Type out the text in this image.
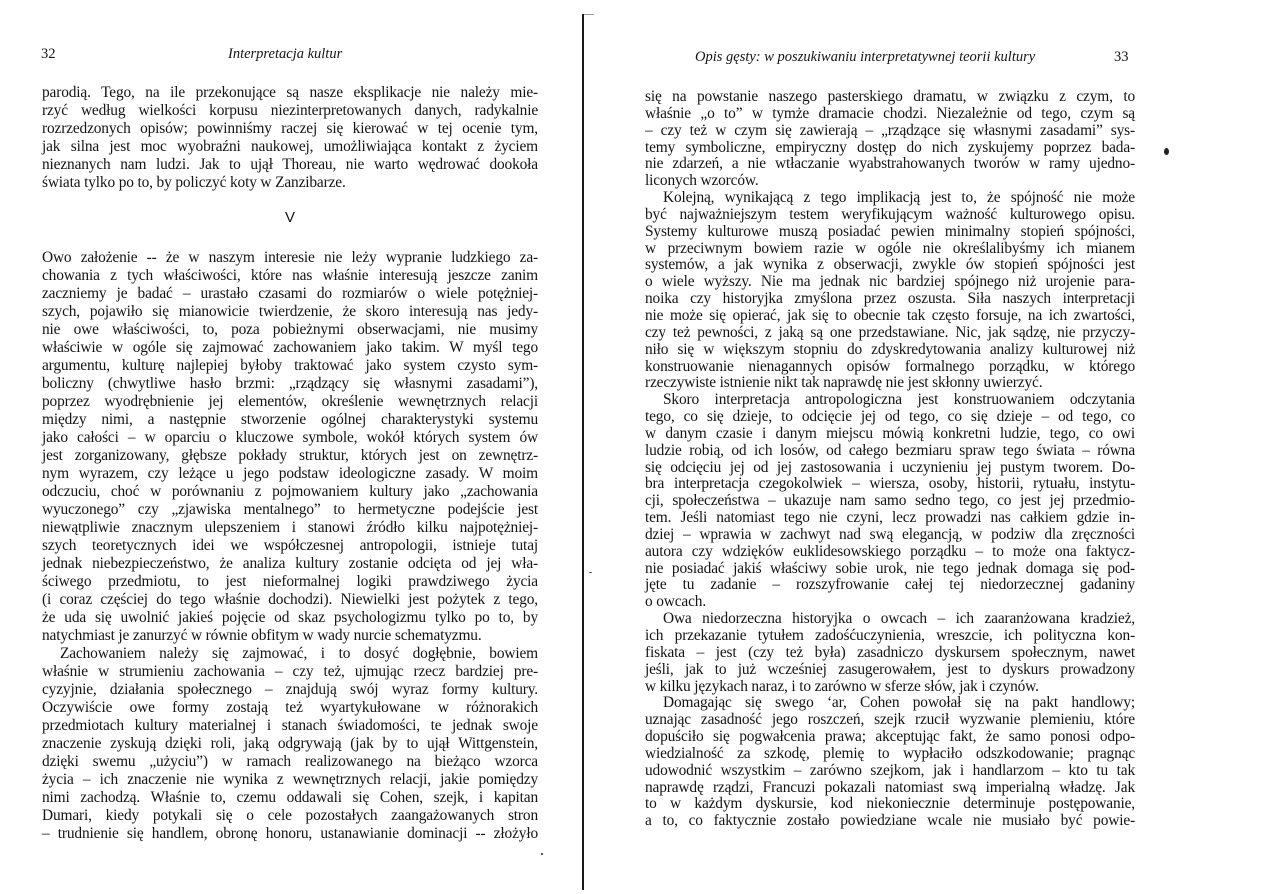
32	Interpretacja kultur
parodią. Tego, na ile przekonujące są nasze eksplikacje nie należy mie-
rzyć według wielkości korpusu niezinterpretowanych danych, radykalnie
rozrzedzonych opisów; powinniśmy raczej się kierować w tej ocenie tym,
jak silna jest moc wyobraźni naukowej, umożliwiająca kontakt z życiem
nieznanych nam ludzi. Jak to ujął Thoreau, nie warto wędrować dookoła
świata tylko po to, by policzyć koty w Zanzibarze.
V
Owo założenie -- że w naszym interesie nie leży wypranie ludzkiego za-
chowania z tych właściwości, które nas właśnie interesują jeszcze zanim
zaczniemy je badać – urastało czasami do rozmiarów o wiele potężniej-
szych, pojawiło się mianowicie twierdzenie, że skoro interesują nas jedy-
nie owe właściwości, to, poza pobieżnymi obserwacjami, nie musimy
właściwie w ogóle się zajmować zachowaniem jako takim. W myśl tego
argumentu, kulturę najlepiej byłoby traktować jako system czysto sym-
boliczny (chwytliwe hasło brzmi: „rządzący się własnymi zasadami”),
poprzez wyodrębnienie jej elementów, określenie wewnętrznych relacji
między nimi, a następnie stworzenie ogólnej charakterystyki systemu
jako całości – w oparciu o kluczowe symbole, wokół których system ów
jest zorganizowany, głębsze pokłady struktur, których jest on zewnętrz-
nym wyrazem, czy leżące u jego podstaw ideologiczne zasady. W moim
odczuciu, choć w porównaniu z pojmowaniem kultury jako „zachowania
wyuczonego” czy „zjawiska mentalnego” to hermetyczne podejście jest
niewątpliwie znacznym ulepszeniem i stanowi źródło kilku najpotężniej-
szych teoretycznych idei we współczesnej antropologii, istnieje tutaj
jednak niebezpieczeństwo, że analiza kultury zostanie odcięta od jej wła-
ściwego przedmiotu, to jest nieformalnej logiki prawdziwego życia
(i coraz częściej do tego właśnie dochodzi). Niewielki jest pożytek z tego,
że uda się uwolnić jakieś pojęcie od skaz psychologizmu tylko po to, by
natychmiast je zanurzyć w równie obfitym w wady nurcie schematyzmu.
Zachowaniem należy się zajmować, i to dosyć dogłębnie, bowiem
właśnie w strumieniu zachowania – czy też, ujmując rzecz bardziej pre-
cyzyjnie, działania społecznego – znajdują swój wyraz formy kultury.
Oczywiście owe formy zostają też wyartykułowane w różnorakich
przedmiotach kultury materialnej i stanach świadomości, te jednak swoje
znaczenie zyskują dzięki roli, jaką odgrywają (jak by to ujął Wittgenstein,
dzięki swemu „użyciu”) w ramach realizowanego na bieżąco wzorca
życia – ich znaczenie nie wynika z wewnętrznych relacji, jakie pomiędzy
nimi zachodzą. Właśnie to, czemu oddawali się Cohen, szejk, i kapitan
Dumari, kiedy potykali się o cele pozostałych zaangażowanych stron
– trudnienie się handlem, obronę honoru, ustanawianie dominacji -- złożyło
Opis gęsty: w poszukiwaniu interpretatywnej teorii kultury	33
się na powstanie naszego pasterskiego dramatu, w związku z czym, to
właśnie „o to” w tymże dramacie chodzi. Niezależnie od tego, czym są
– czy też w czym się zawierają – „rządzące się własnymi zasadami” sys-
temy symboliczne, empiryczny dostęp do nich zyskujemy poprzez bada-
nie zdarzeń, a nie wtłaczanie wyabstrahowanych tworów w ramy ujedno-
liconych wzorców.
Kolejną, wynikającą z tego implikacją jest to, że spójność nie może
być najważniejszym testem weryfikującym ważność kulturowego opisu.
Systemy kulturowe muszą posiadać pewien minimalny stopień spójności,
w przeciwnym bowiem razie w ogóle nie określalibyśmy ich mianem
systemów, a jak wynika z obserwacji, zwykle ów stopień spójności jest
o wiele wyższy. Nie ma jednak nic bardziej spójnego niż urojenie para-
noika czy historyjka zmyślona przez oszusta. Siła naszych interpretacji
nie może się opierać, jak się to obecnie tak często forsuje, na ich zwartości,
czy też pewności, z jaką są one przedstawiane. Nic, jak sądzę, nie przyczy-
niło się w większym stopniu do zdyskredytowania analizy kulturowej niż
konstruowanie nienagannych opisów formalnego porządku, w którego
rzeczywiste istnienie nikt tak naprawdę nie jest skłonny uwierzyć.
Skoro interpretacja antropologiczna jest konstruowaniem odczytania
tego, co się dzieje, to odcięcie jej od tego, co się dzieje – od tego, co
w danym czasie i danym miejscu mówią konkretni ludzie, tego, co owi
ludzie robią, od ich losów, od całego bezmiaru spraw tego świata – równa
się odcięciu jej od jej zastosowania i uczynieniu jej pustym tworem. Do-
bra interpretacja czegokolwiek – wiersza, osoby, historii, rytuału, instytu-
cji, społeczeństwa – ukazuje nam samo sedno tego, co jest jej przedmio-
tem. Jeśli natomiast tego nie czyni, lecz prowadzi nas całkiem gdzie in-
dziej – wprawia w zachwyt nad swą elegancją, w podziw dla zręczności
autora czy wdzięków euklidesowskiego porządku – to może ona faktycz-
nie posiadać jakiś właściwy sobie urok, nie tego jednak domaga się pod-
jęte tu zadanie – rozszyfrowanie całej tej niedorzecznej gadaniny
o owcach.
Owa niedorzeczna historyjka o owcach – ich zaaranżowana kradzież,
ich przekazanie tytułem zadośćuczynienia, wreszcie, ich polityczna kon-
fiskata – jest (czy też była) zasadniczo dyskursem społecznym, nawet
jeśli, jak to już wcześniej zasugerowałem, jest to dyskurs prowadzony
w kilku językach naraz, i to zarówno w sferze słów, jak i czynów.
Domagając się swego ‘ar, Cohen powołał się na pakt handlowy;
uznając zasadność jego roszczeń, szejk rzucił wyzwanie plemieniu, które
dopuściło się pogwałcenia prawa; akceptując fakt, że samo ponosi odpo-
wiedzialność za szkodę, plemię to wypłaciło odszkodowanie; pragnąc
udowodnić wszystkim – zarówno szejkom, jak i handlarzom – kto tu tak
naprawdę rządzi, Francuzi pokazali natomiast swą imperialną władzę. Jak
to w każdym dyskursie, kod niekoniecznie determinuje postępowanie,
a to, co faktycznie zostało powiedziane wcale nie musiało być powie-
